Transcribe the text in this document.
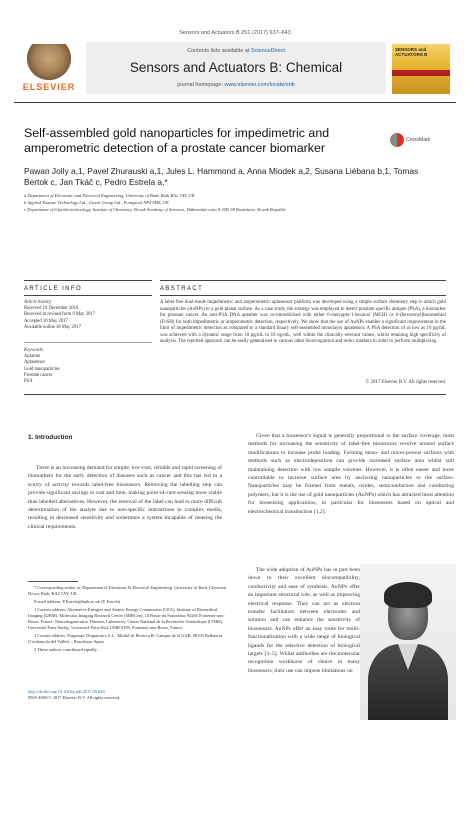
Sensors and Actuators B 251 (2017) 637–643
ELSEVIER
Contents lists available at ScienceDirect
Sensors and Actuators B: Chemical
journal homepage: www.elsevier.com/locate/snb
SENSORS and ACTUATORS B
Self-assembled gold nanoparticles for impedimetric and amperometric detection of a prostate cancer biomarker
CrossMark
Pawan Jolly a,1, Pavel Zhurauski a,1, Jules L. Hammond a, Anna Miodek a,2, Susana Liébana b,1, Tomas Bertok c, Jan Tkáč c, Pedro Estrela a,*
a Department of Electronic and Electrical Engineering, University of Bath, Bath BA2 7AY, UK
b Applied Enzyme Technology Ltd., Gwent Group Ltd., Pontypool NP4 0HZ, UK
c Department of Glycobiotechnology, Institute of Chemistry, Slovak Academy of Sciences, Dúbravská cesta 9, 845 38 Bratislava, Slovak Republic
ARTICLE INFO	ABSTRACT
Article history:
Received 19 December 2016
Received in revised form 9 May 2017
Accepted 10 May 2017
Available online 18 May 2017
Keywords:
Aptamer
Aptasensor
Gold nanoparticles
Prostate cancer
PSA
A label-free dual-mode impedimetric and amperometric aptasensor platform was developed using a simple surface chemistry step to attach gold nanoparticles (AuNPs) to a gold planar surface. As a case study, the strategy was employed to detect prostate specific antigen (PSA), a biomarker for prostate cancer. An anti-PSA DNA aptamer was co-immobilised with either 6-mercapto-1-hexanol (MCH) or 6-(ferrocenyl)hexanethiol (FcSH) for both impedimetric or amperometric detection, respectively. We show that the use of AuNPs enables a significant improvement in the limit of impedimetric detection as compared to a standard binary self-assembled monolayer aptasensor. A PSA detection of as low as 10 pg/mL was achieved with a dynamic range from 10 pg/mL to 10 ng/mL, well within the clinically relevant values, whilst retaining high specificity of analysis. The reported approach can be easily generalised to various other biorecognition and redox markers in order to perform multiplexing.
© 2017 Elsevier B.V. All rights reserved.
1. Introduction
There is an increasing demand for simple, low-cost, reliable and rapid screening of biomarkers for the early detection of diseases such as cancer and this has led to a scurry of activity towards label-free biosensors. Removing the labelling step can provide significant savings in cost and time, making point-of-care sensing more viable than labelled alternatives. However, the removal of the label can lead to more difficult determination of the analyte due to non-specific interactions in complex media, resulting in decreased sensitivity and sometimes a system incapable of meeting the clinical requirements.
Given that a biosensor's signal is generally proportional to the surface coverage, most methods for increasing the sensitivity of label-free biosensors revolve around surface modifications to increase probe loading. Forming meso- and micro-porous surfaces with methods such as electrodeposition can provide increased surface area whilst still maintaining detection with low sample volumes. However, it is often easier and more controllable to increase surface area by anchoring nanoparticles to the surface. Nanoparticles may be formed from metals, oxides, semiconductors and conducting polymers, but it is the use of gold nanoparticles (AuNPs) which has attracted most attention for biosensing applications, in particular for biosensors based on optical and electrochemical transduction [1,2].
The wide adoption of AuNPs has in part been down to their excellent biocompatibility, conductivity and ease of synthesis. AuNPs offer an important structural role, as well as improving electrical response. They can act as electron transfer facilitators between electrodes and solution and can enhance the sensitivity of biosensors. AuNPs offer an easy route for multi-functionalization with a wide range of biological ligands for the selective detection of biological targets [3–5]. Whilst antibodies are the molecular recognition workhorse of choice in many biosensors, their use can impose limitations on

* Corresponding author at: Department of Electronic & Electrical Engineering, University of Bath, Claverton Down, Bath, BA2 7AY, UK.

E-mail address: P.Estrela@bath.ac.uk (P. Estrela).

1 Current address: Alternative Energies and Atomic Energy Commission (CEA), Institute of Biomedical Imaging (I2BM), Molecular Imaging Research Center (MIRCen), 18 Route du Panorama, 92265 Fontenay-aux-Roses, France; Neurodegenerative Diseases Laboratory, Centre National de la Recherche Scientifique (CNRS), Université Paris-Saclay, Université Paris-Sud, UMR 9199, Fontenay-aux-Roses, France.

2 Current address: Pragmatic Diagnostics S.L., Mòdul de Recerca B- Campus de la UAB, 08193 Bellaterra (Cerdanyola del Vallès) – Barcelona, Spain.

3 These authors contributed equally.

http://dx.doi.org/10.1016/j.snb.2017.05.040
0925-4005/© 2017 Elsevier B.V. All rights reserved.
